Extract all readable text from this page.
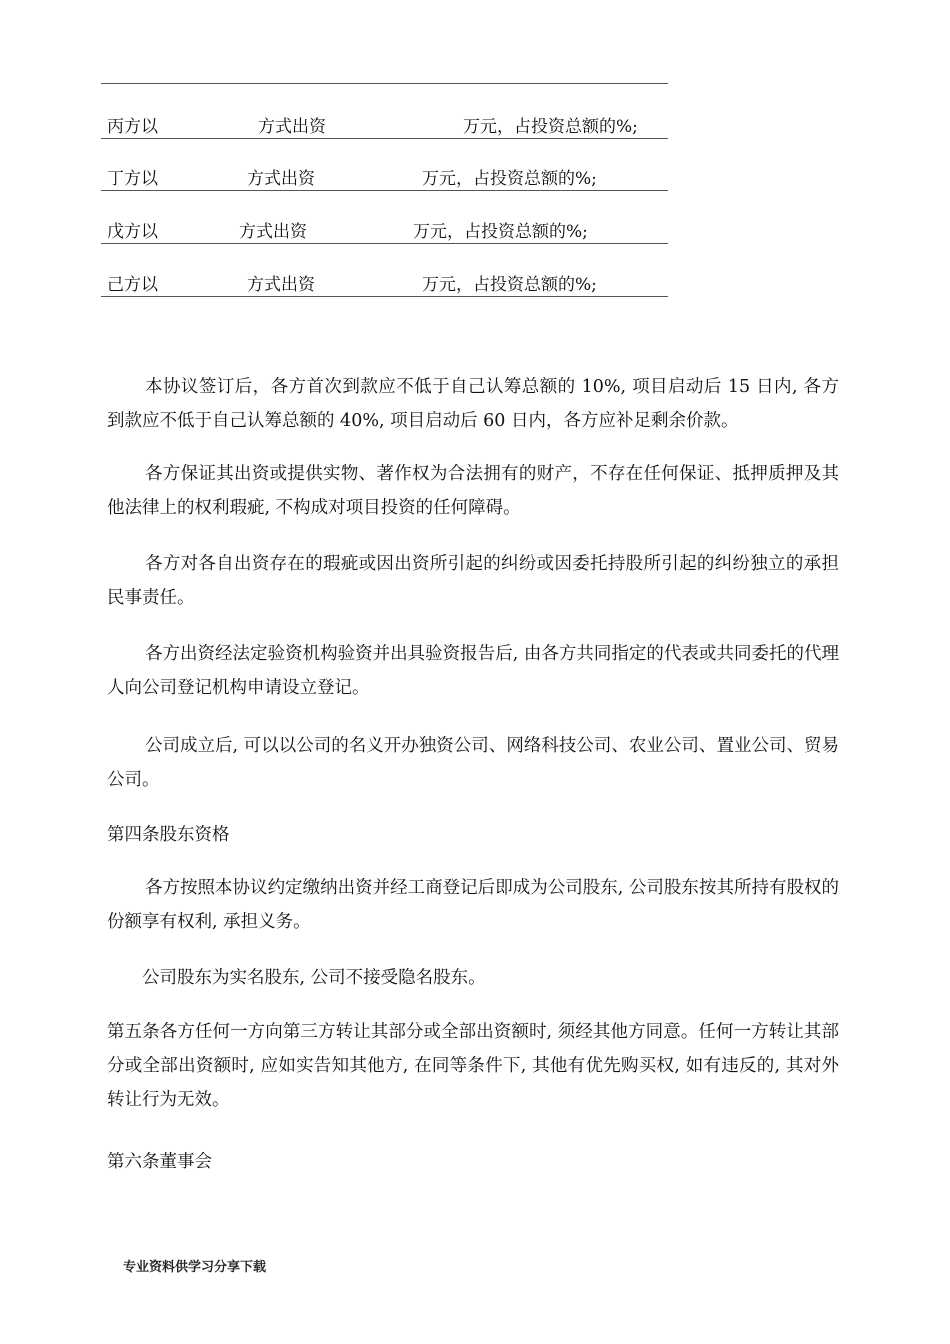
丙方以	方式出资	万元，占投资总额的%;
丁方以	方式出资	万元，占投资总额的%;
戊方以	方式出资	万元，占投资总额的%;
己方以	方式出资	万元，占投资总额的%;

本协议签订后，各方首次到款应不低于自己认筹总额的 10%, 项目启动后 15 日内, 各方到款应不低于自己认筹总额的 40%, 项目启动后 60 日内，各方应补足剩余价款。

各方保证其出资或提供实物、著作权为合法拥有的财产，不存在任何保证、抵押质押及其他法律上的权利瑕疵, 不构成对项目投资的任何障碍。

各方对各自出资存在的瑕疵或因出资所引起的纠纷或因委托持股所引起的纠纷独立的承担民事责任。

各方出资经法定验资机构验资并出具验资报告后, 由各方共同指定的代表或共同委托的代理人向公司登记机构申请设立登记。

公司成立后, 可以以公司的名义开办独资公司、网络科技公司、农业公司、置业公司、贸易公司。

第四条股东资格

各方按照本协议约定缴纳出资并经工商登记后即成为公司股东, 公司股东按其所持有股权的份额享有权利, 承担义务。

公司股东为实名股东, 公司不接受隐名股东。

第五条各方任何一方向第三方转让其部分或全部出资额时, 须经其他方同意。任何一方转让其部分或全部出资额时, 应如实告知其他方, 在同等条件下, 其他有优先购买权, 如有违反的, 其对外转让行为无效。

第六条董事会

专业资料供学习分享下载
